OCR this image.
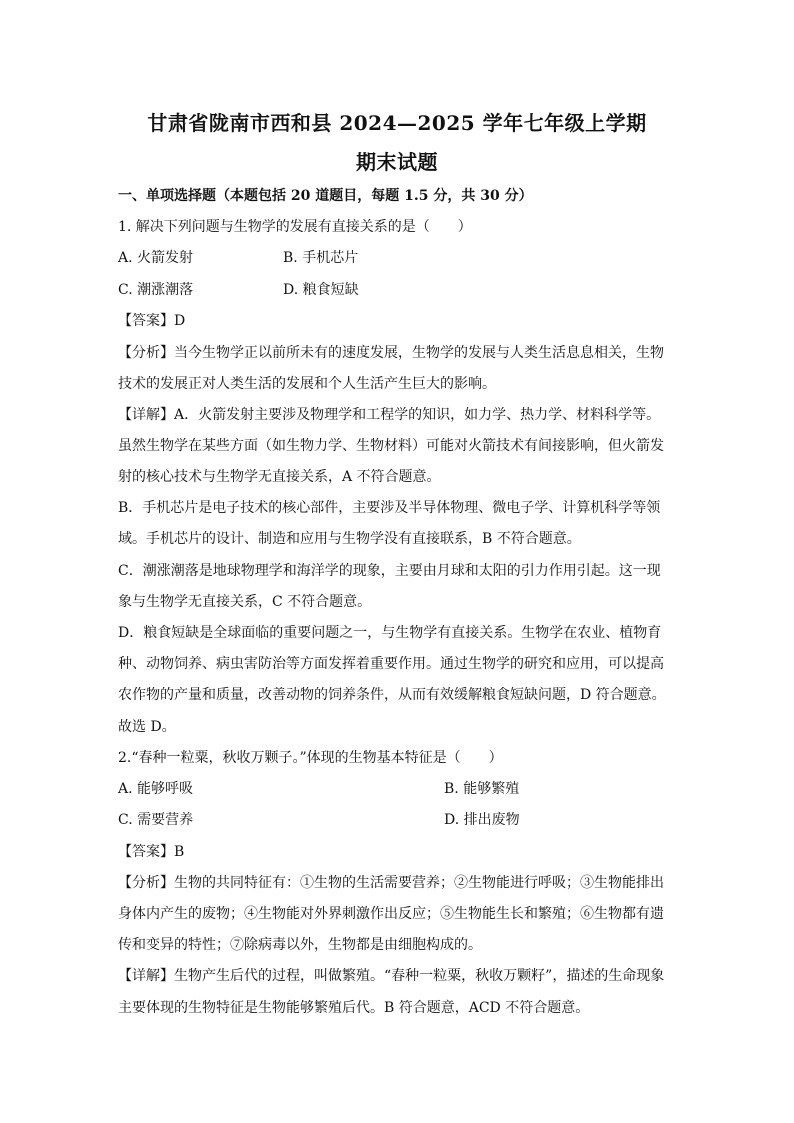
甘肃省陇南市西和县 2024—2025 学年七年级上学期
期末试题
一、单项选择题（本题包括 20 道题目，每题 1.5 分，共 30 分）
1. 解决下列问题与生物学的发展有直接关系的是（　　）
A. 火箭发射	B. 手机芯片
C. 潮涨潮落	D. 粮食短缺
【答案】D
【分析】当今生物学正以前所未有的速度发展，生物学的发展与人类生活息息相关，生物
技术的发展正对人类生活的发展和个人生活产生巨大的影响。
【详解】A．火箭发射主要涉及物理学和工程学的知识，如力学、热力学、材料科学等。
虽然生物学在某些方面（如生物力学、生物材料）可能对火箭技术有间接影响，但火箭发
射的核心技术与生物学无直接关系，A 不符合题意。
B．手机芯片是电子技术的核心部件，主要涉及半导体物理、微电子学、计算机科学等领
域。手机芯片的设计、制造和应用与生物学没有直接联系，B 不符合题意。
C．潮涨潮落是地球物理学和海洋学的现象，主要由月球和太阳的引力作用引起。这一现
象与生物学无直接关系，C 不符合题意。
D．粮食短缺是全球面临的重要问题之一，与生物学有直接关系。生物学在农业、植物育
种、动物饲养、病虫害防治等方面发挥着重要作用。通过生物学的研究和应用，可以提高
农作物的产量和质量，改善动物的饲养条件，从而有效缓解粮食短缺问题，D 符合题意。
故选 D。
2.“春种一粒粟，秋收万颗子。”体现的生物基本特征是（　　）
A. 能够呼吸	B. 能够繁殖
C. 需要营养	D. 排出废物
【答案】B
【分析】生物的共同特征有：①生物的生活需要营养；②生物能进行呼吸；③生物能排出
身体内产生的废物；④生物能对外界刺激作出反应；⑤生物能生长和繁殖；⑥生物都有遗
传和变异的特性；⑦除病毒以外，生物都是由细胞构成的。
【详解】生物产生后代的过程，叫做繁殖。“春种一粒粟，秋收万颗籽”，描述的生命现象
主要体现的生物特征是生物能够繁殖后代。B 符合题意，ACD 不符合题意。
